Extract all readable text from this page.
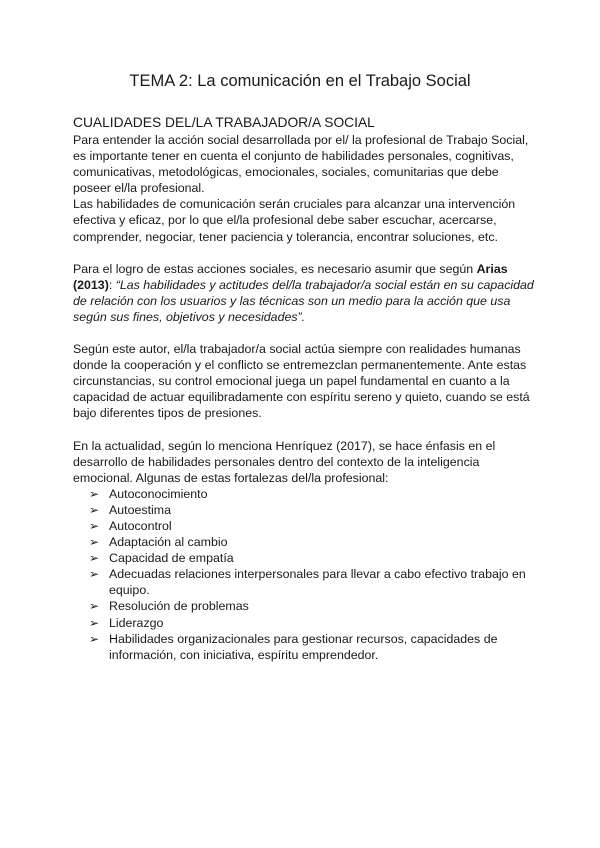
TEMA 2: La comunicación en el Trabajo Social

CUALIDADES DEL/LA TRABAJADOR/A SOCIAL

Para entender la acción social desarrollada por el/ la profesional de Trabajo Social, es importante tener en cuenta el conjunto de habilidades personales, cognitivas, comunicativas, metodológicas, emocionales, sociales, comunitarias que debe poseer el/la profesional.

Las habilidades de comunicación serán cruciales para alcanzar una intervención efectiva y eficaz, por lo que el/la profesional debe saber escuchar, acercarse, comprender, negociar, tener paciencia y tolerancia, encontrar soluciones, etc.

Para el logro de estas acciones sociales, es necesario asumir que según Arias (2013): “Las habilidades y actitudes del/la trabajador/a social están en su capacidad de relación con los usuarios y las técnicas son un medio para la acción que usa según sus fines, objetivos y necesidades”.

Según este autor, el/la trabajador/a social actúa siempre con realidades humanas donde la cooperación y el conflicto se entremezclan permanentemente. Ante estas circunstancias, su control emocional juega un papel fundamental en cuanto a la capacidad de actuar equilibradamente con espíritu sereno y quieto, cuando se está bajo diferentes tipos de presiones.

En la actualidad, según lo menciona Henríquez (2017), se hace énfasis en el desarrollo de habilidades personales dentro del contexto de la inteligencia emocional. Algunas de estas fortalezas del/la profesional:

➢ Autoconocimiento
➢ Autoestima
➢ Autocontrol
➢ Adaptación al cambio
➢ Capacidad de empatía
➢ Adecuadas relaciones interpersonales para llevar a cabo efectivo trabajo en equipo.
➢ Resolución de problemas
➢ Liderazgo
➢ Habilidades organizacionales para gestionar recursos, capacidades de información, con iniciativa, espíritu emprendedor.
